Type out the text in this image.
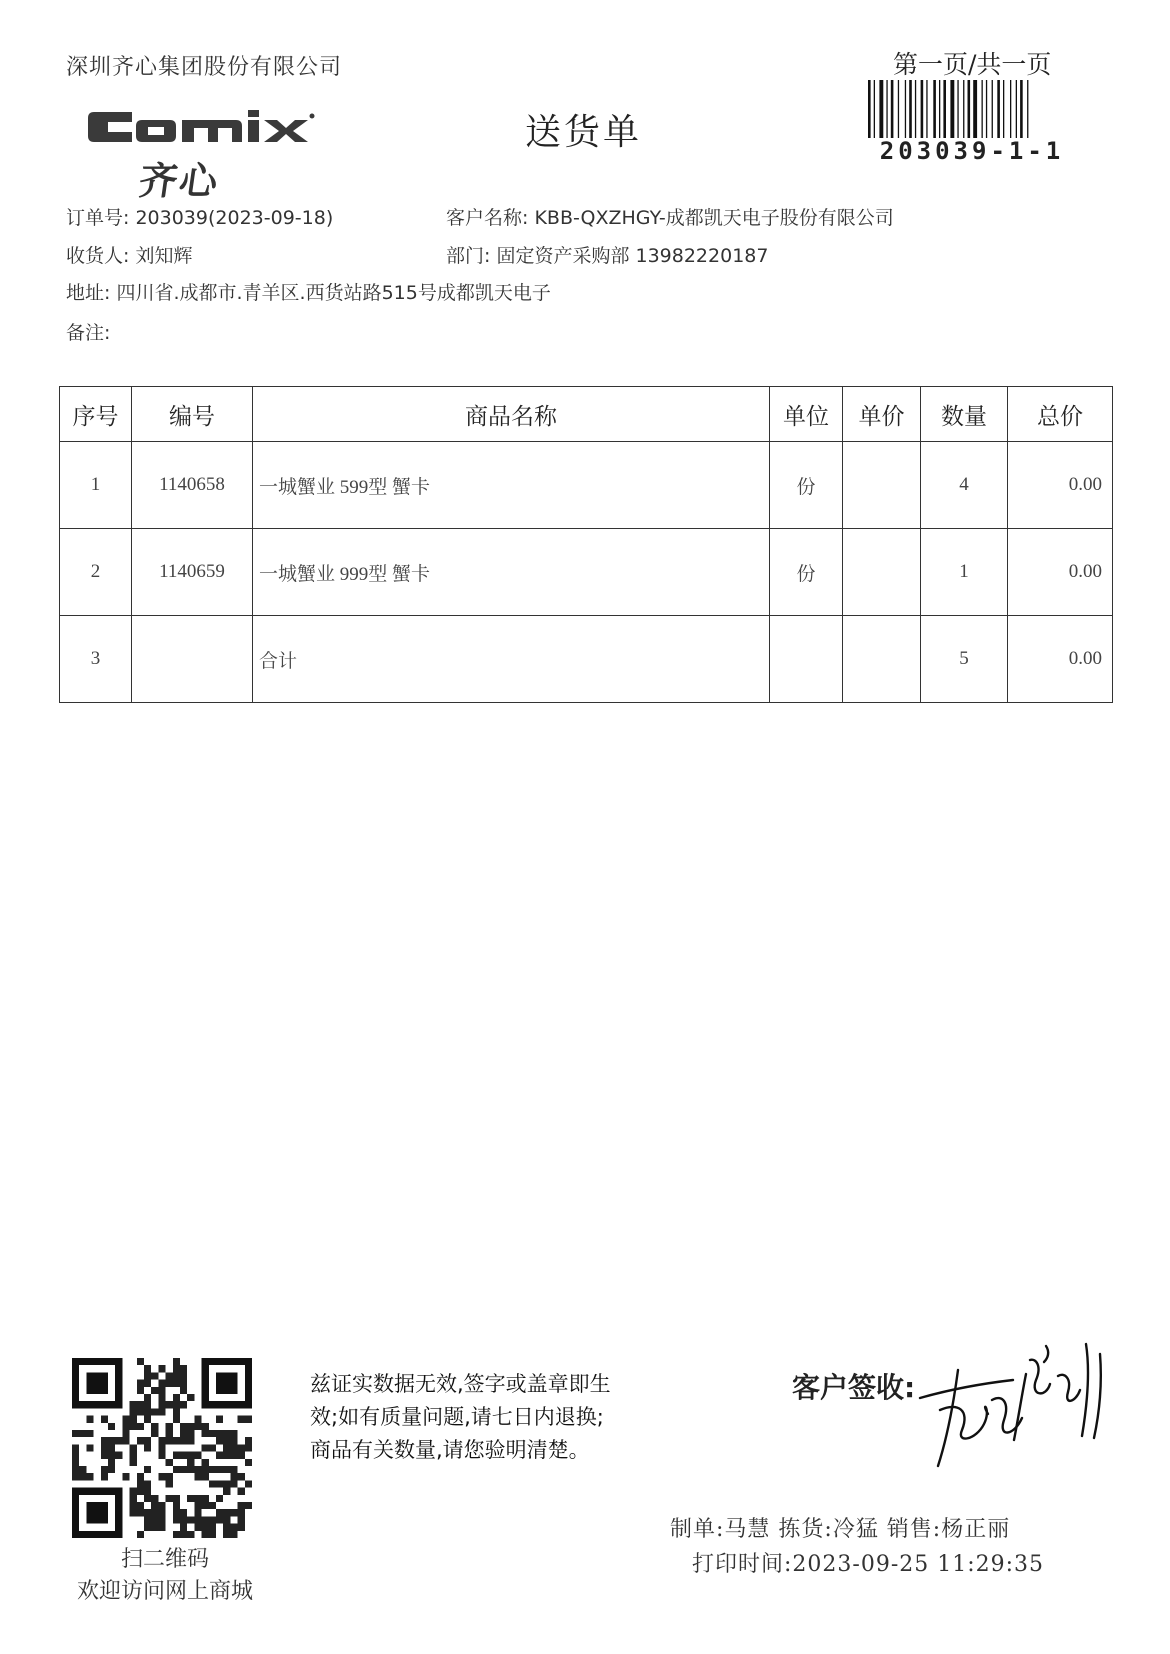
深圳齐心集团股份有限公司	第一页/共一页
送货单
齐心
203039-1-1
订单号: 203039(2023-09-18)	客户名称: KBB-QXZHGY-成都凯天电子股份有限公司
收货人: 刘知辉	部门: 固定资产采购部 13982220187
地址: 四川省.成都市.青羊区.西货站路515号成都凯天电子
备注:
序号	编号	商品名称	单位	单价	数量	总价
1	1140658	一城蟹业 599型 蟹卡	份		4	0.00
2	1140659	一城蟹业 999型 蟹卡	份		1	0.00
3		合计			5	0.00
扫二维码
欢迎访问网上商城
兹证实数据无效,签字或盖章即生
效;如有质量问题,请七日内退换;
商品有关数量,请您验明清楚。
客户签收:
制单:马慧 拣货:冷猛 销售:杨正丽
打印时间:2023-09-25 11:29:35
